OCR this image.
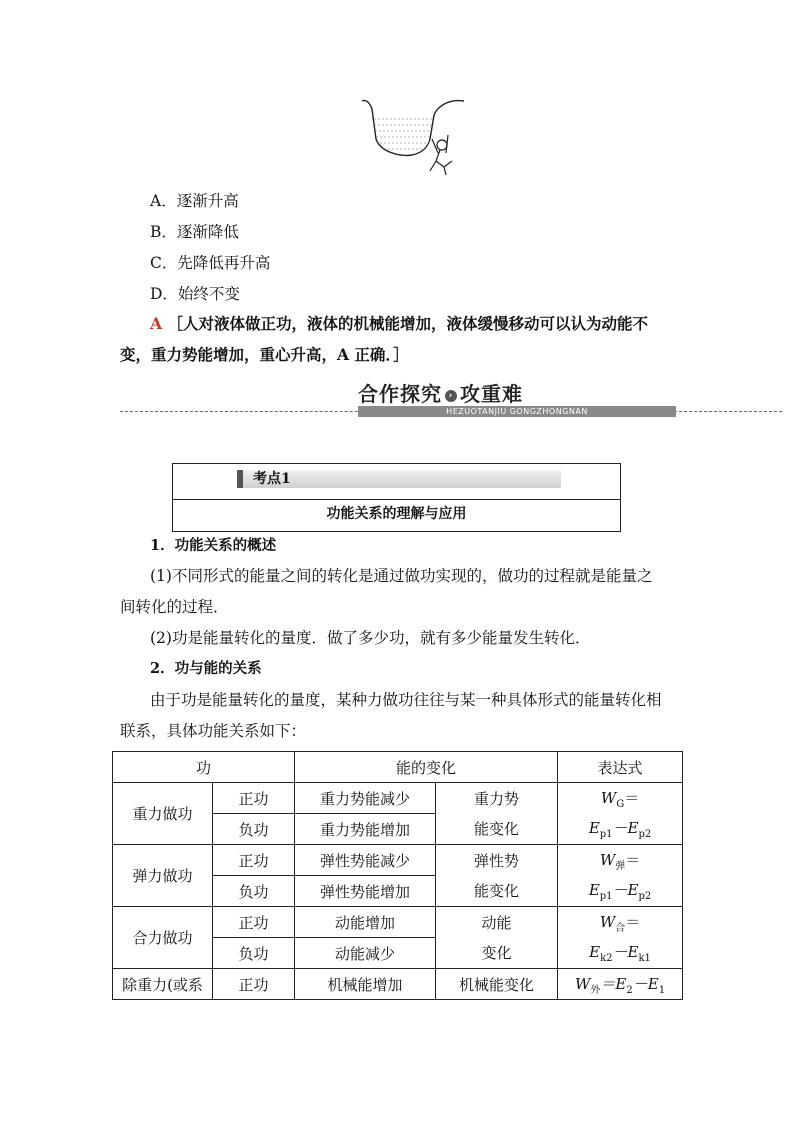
A．逐渐升高
B．逐渐降低
C．先降低再升高
D．始终不变
A ［人对液体做正功，液体的机械能增加，液体缓慢移动可以认为动能不
变，重力势能增加，重心升高，A 正确．］
合作探究 › 攻重难
HEZUOTANJIU GONGZHONGNAN
考点1
功能关系的理解与应用
1．功能关系的概述
(1)不同形式的能量之间的转化是通过做功实现的，做功的过程就是能量之
间转化的过程．
(2)功是能量转化的量度．做了多少功，就有多少能量发生转化．
2．功与能的关系
由于功是能量转化的量度，某种力做功往往与某一种具体形式的能量转化相
联系，具体功能关系如下：
功		能的变化		表达式
重力做功	正功	重力势能减少	重力势	$W_G=$
	负功	重力势能增加	能变化	$E_{p1}-E_{p2}$
弹力做功	正功	弹性势能减少	弹性势	$W_弹=$
	负功	弹性势能增加	能变化	$E_{p1}-E_{p2}$
合力做功	正功	动能增加	动能	$W_合=$
	负功	动能减少	变化	$E_{k2}-E_{k1}$
除重力(或系	正功	机械能增加	机械能变化	$W_外=E_2-E_1$
